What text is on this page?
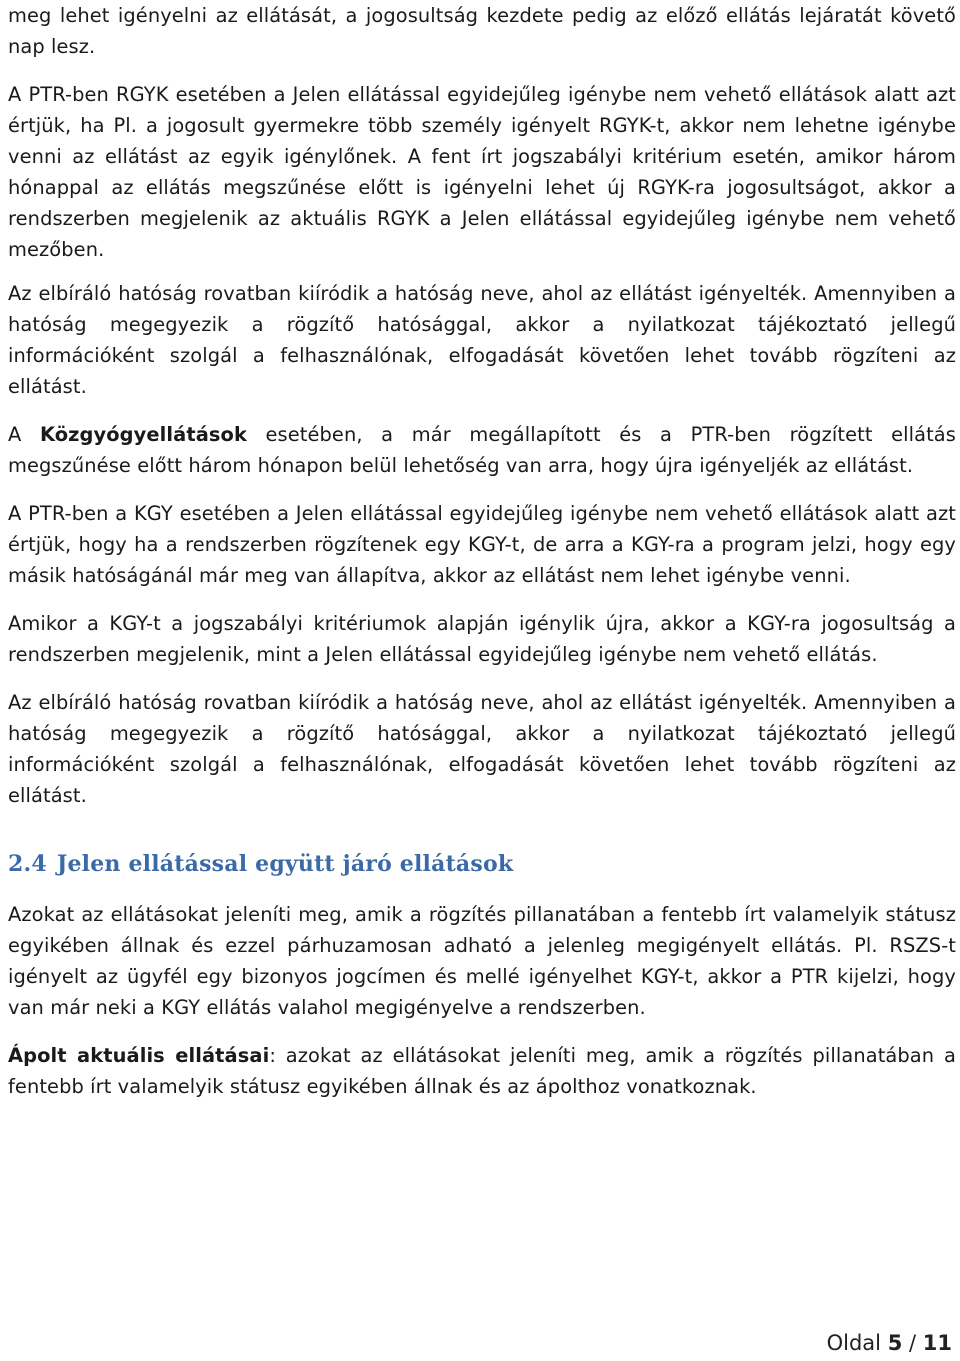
meg lehet igényelni az ellátását, a jogosultság kezdete pedig az előző ellátás lejáratát követő nap lesz.

A PTR-ben RGYK esetében a Jelen ellátással egyidejűleg igénybe nem vehető ellátások alatt azt értjük, ha Pl. a jogosult gyermekre több személy igényelt RGYK-t, akkor nem lehetne igénybe venni az ellátást az egyik igénylőnek. A fent írt jogszabályi kritérium esetén, amikor három hónappal az ellátás megszűnése előtt is igényelni lehet új RGYK-ra jogosultságot, akkor a rendszerben megjelenik az aktuális RGYK a Jelen ellátással egyidejűleg igénybe nem vehető mezőben.

Az elbíráló hatóság rovatban kiíródik a hatóság neve, ahol az ellátást igényelték. Amennyiben a hatóság megegyezik a rögzítő hatósággal, akkor a nyilatkozat tájékoztató jellegű információként szolgál a felhasználónak, elfogadását követően lehet tovább rögzíteni az ellátást.

A Közgyógyellátások esetében, a már megállapított és a PTR-ben rögzített ellátás megszűnése előtt három hónapon belül lehetőség van arra, hogy újra igényeljék az ellátást.

A PTR-ben a KGY esetében a Jelen ellátással egyidejűleg igénybe nem vehető ellátások alatt azt értjük, hogy ha a rendszerben rögzítenek egy KGY-t, de arra a KGY-ra a program jelzi, hogy egy másik hatóságánál már meg van állapítva, akkor az ellátást nem lehet igénybe venni.

Amikor a KGY-t a jogszabályi kritériumok alapján igénylik újra, akkor a KGY-ra jogosultság a rendszerben megjelenik, mint a Jelen ellátással egyidejűleg igénybe nem vehető ellátás.

Az elbíráló hatóság rovatban kiíródik a hatóság neve, ahol az ellátást igényelték. Amennyiben a hatóság megegyezik a rögzítő hatósággal, akkor a nyilatkozat tájékoztató jellegű információként szolgál a felhasználónak, elfogadását követően lehet tovább rögzíteni az ellátást.

2.4 Jelen ellátással együtt járó ellátások

Azokat az ellátásokat jeleníti meg, amik a rögzítés pillanatában a fentebb írt valamelyik státusz egyikében állnak és ezzel párhuzamosan adható a jelenleg megigényelt ellátás. Pl. RSZS-t igényelt az ügyfél egy bizonyos jogcímen és mellé igényelhet KGY-t, akkor a PTR kijelzi, hogy van már neki a KGY ellátás valahol megigényelve a rendszerben.

Ápolt aktuális ellátásai: azokat az ellátásokat jeleníti meg, amik a rögzítés pillanatában a fentebb írt valamelyik státusz egyikében állnak és az ápolthoz vonatkoznak.

Oldal 5 / 11
